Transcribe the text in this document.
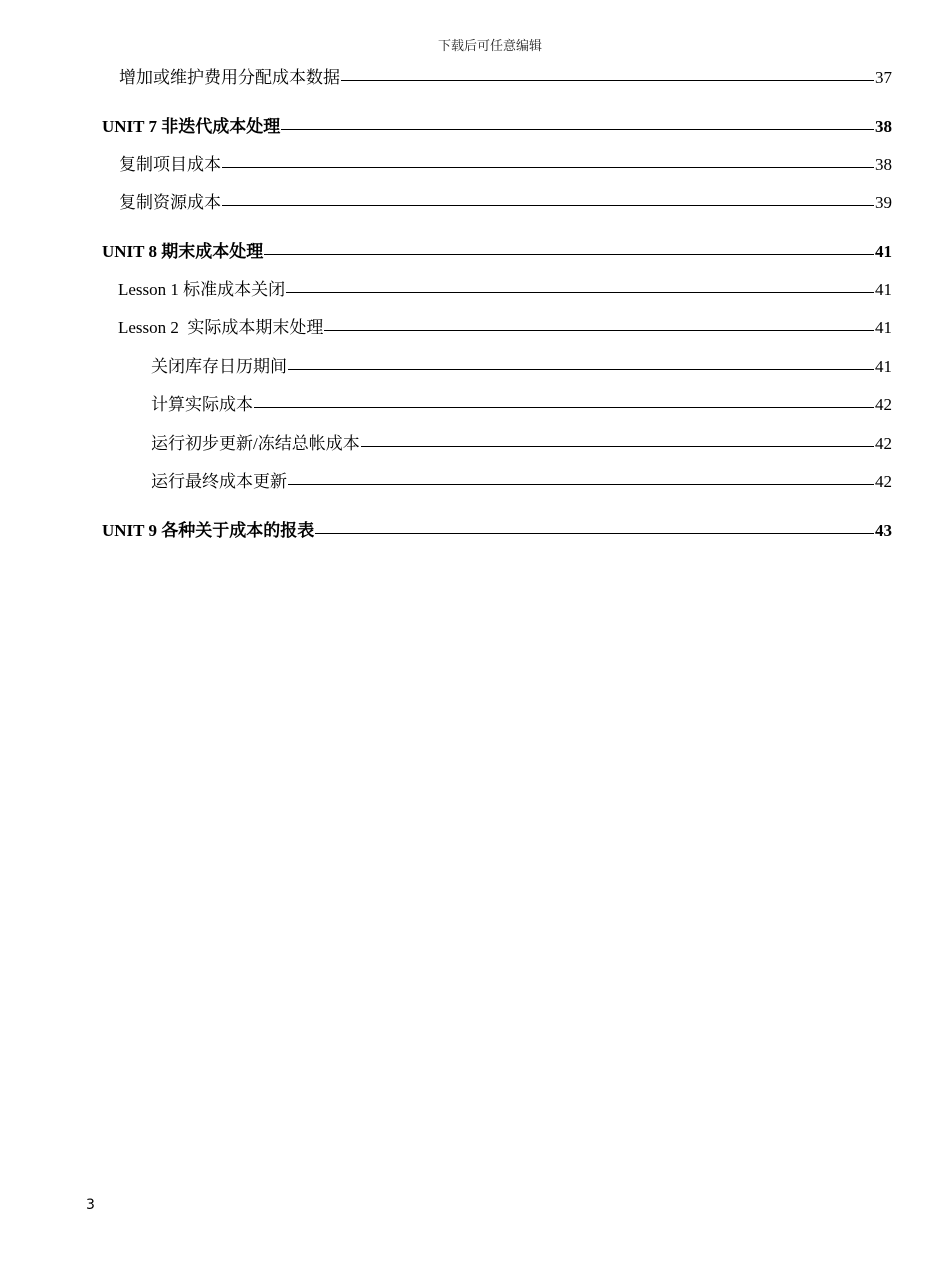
下载后可任意编辑
增加或维护费用分配成本数据	37
UNIT 7 非迭代成本处理	38
复制项目成本	38
复制资源成本	39
UNIT 8 期末成本处理	41
Lesson 1 标准成本关闭	41
Lesson 2  实际成本期末处理	41
关闭库存日历期间	41
计算实际成本	42
运行初步更新/冻结总帐成本	42
运行最终成本更新	42
UNIT 9 各种关于成本的报表	43
3
